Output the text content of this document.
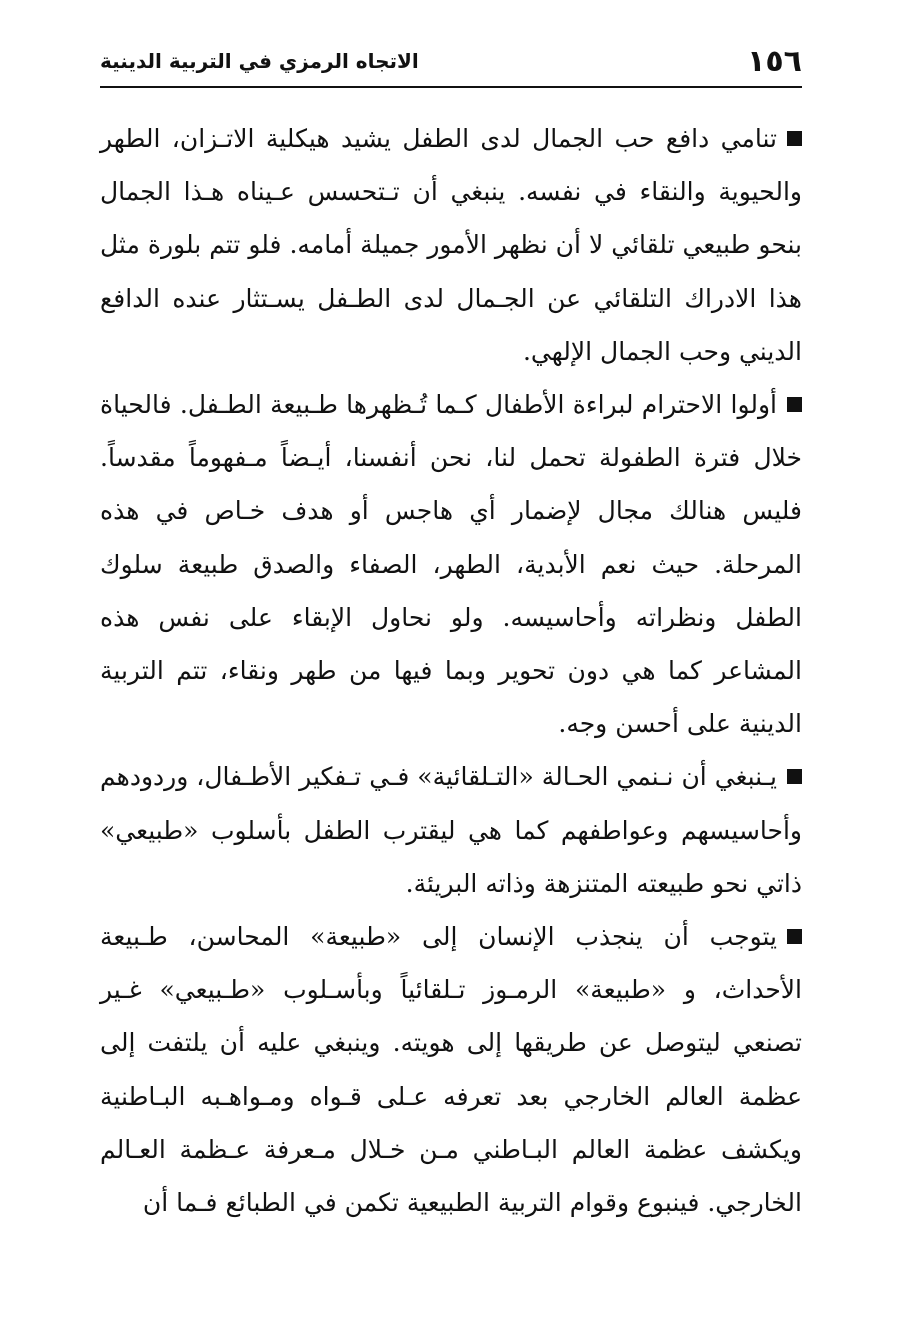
١٥٦
الاتجاه الرمزي في التربية الدينية

تنامي دافع حب الجمال لدى الطفل يشيد هيكلية الاتـزان، الطهر والحيوية والنقاء في نفسه. ينبغي أن تـتحسس عـيناه هـذا الجمال بنحو طبيعي تلقائي لا أن نظهر الأمور جميلة أمامه. فلو تتم بلورة مثل هذا الادراك التلقائي عن الجـمال لدى الطـفل يسـتثار عنده الدافع الديني وحب الجمال الإلهي.

أولوا الاحترام لبراءة الأطفال كـما تُـظهرها طـبيعة الطـفل. فالحياة خلال فترة الطفولة تحمل لنا، نحن أنفسنا، أيـضاً مـفهوماً مقدساً. فليس هنالك مجال لإضمار أي هاجس أو هدف خـاص في هذه المرحلة. حيث نعم الأبدية، الطهر، الصفاء والصدق طبيعة سلوك الطفل ونظراته وأحاسيسه. ولو نحاول الإبقاء على نفس هذه المشاعر كما هي دون تحوير وبما فيها من طهر ونقاء، تتم التربية الدينية على أحسن وجه.

يـنبغي أن نـنمي الحـالة «التـلقائية» فـي تـفكير الأطـفال، وردودهم وأحاسيسهم وعواطفهم كما هي ليقترب الطفل بأسلوب «طبيعي» ذاتي نحو طبيعته المتنزهة وذاته البريئة.

يتوجب أن ينجذب الإنسان إلى «طبيعة» المحاسن، طـبيعة الأحداث، و «طبيعة» الرمـوز تـلقائياً وبأسـلوب «طـبيعي» غـير تصنعي ليتوصل عن طريقها إلى هويته. وينبغي عليه أن يلتفت إلى عظمة العالم الخارجي بعد تعرفه عـلى قـواه ومـواهـبه البـاطنية ويكشف عظمة العالم البـاطني مـن خـلال مـعرفة عـظمة العـالم الخارجي. فينبوع وقوام التربية الطبيعية تكمن في الطبائع فـما أن
